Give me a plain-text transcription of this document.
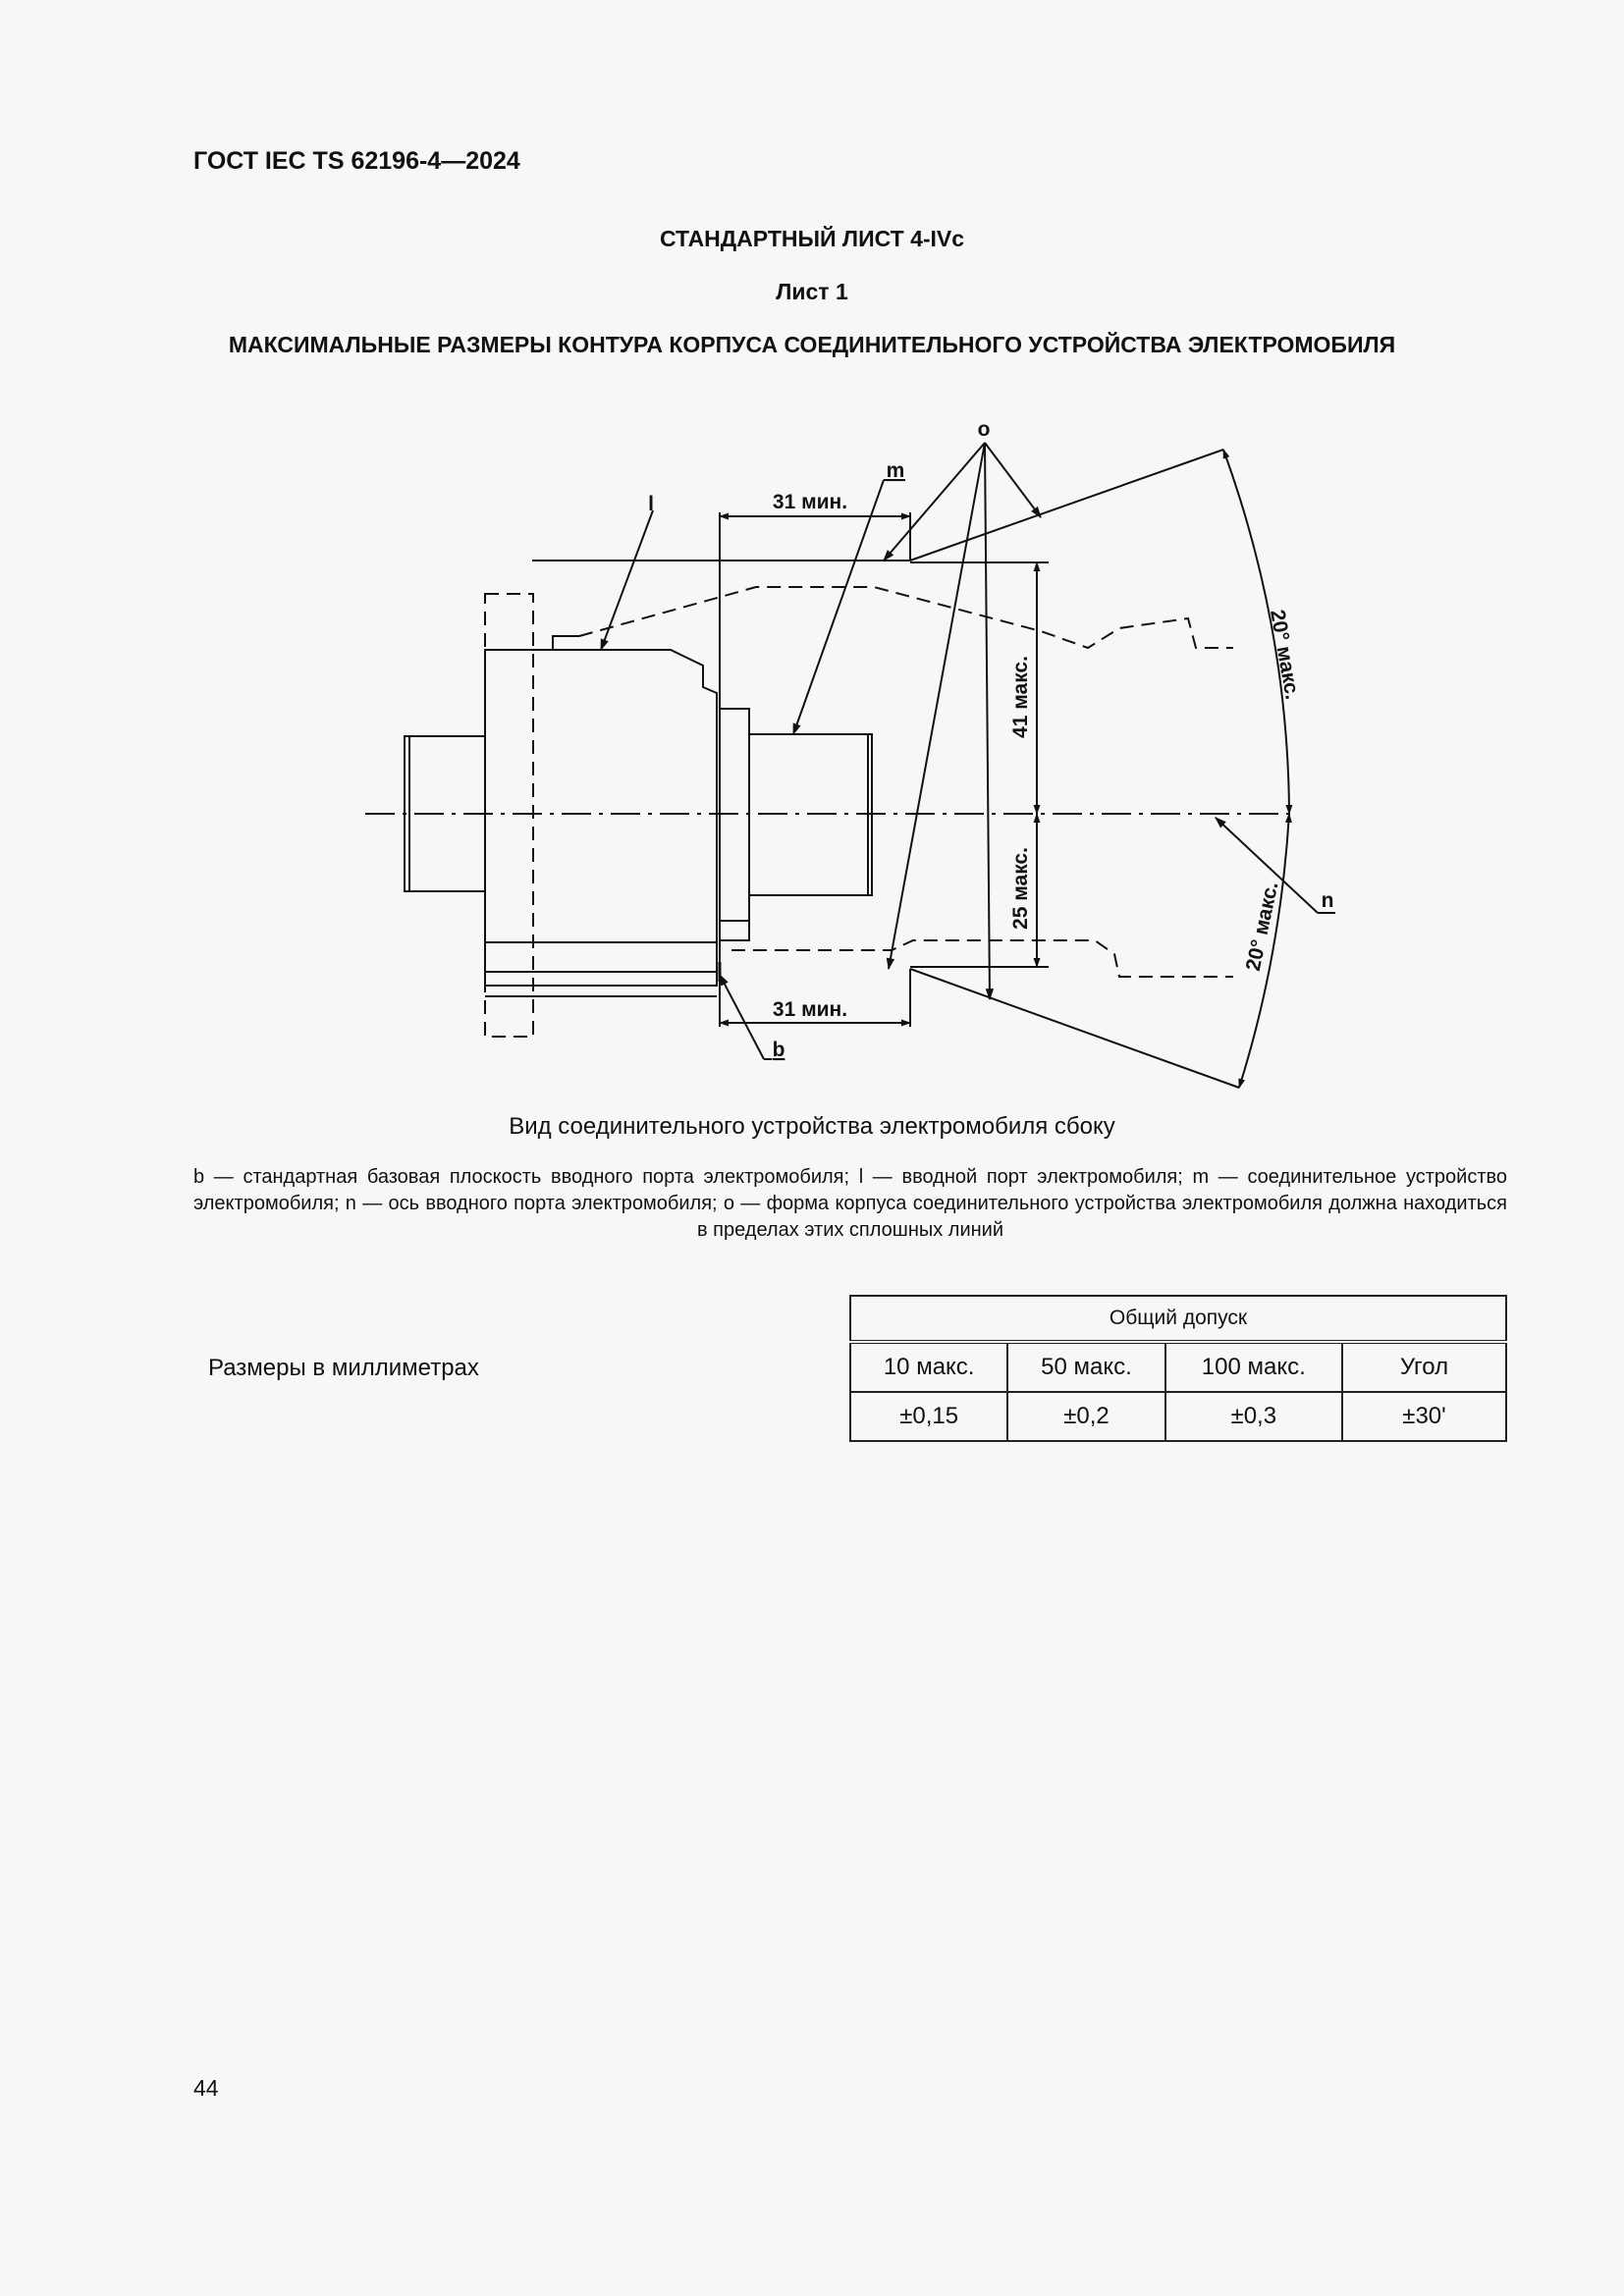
ГОСТ IEC TS 62196-4—2024
СТАНДАРТНЫЙ ЛИСТ 4-IVc
Лист 1
МАКСИМАЛЬНЫЕ РАЗМЕРЫ КОНТУРА КОРПУСА СОЕДИНИТЕЛЬНОГО УСТРОЙСТВА ЭЛЕКТРОМОБИЛЯ
o
m
l
n
b
31 мин.
31 мин.
41 макс.
25 макс.
20° макс.
20° макс.
Вид соединительного устройства электромобиля сбоку
b — стандартная базовая плоскость вводного порта электромобиля; l — вводной порт электромобиля; m — соединительное устройство электромобиля; n — ось вводного порта электромобиля; o — форма корпуса соединительного устройства электромобиля должна находиться в пределах этих сплошных линий
Размеры в миллиметрах
Общий допуск			
10 макс.	50 макс.	100 макс.	Угол
±0,15	±0,2	±0,3	±30'
44
